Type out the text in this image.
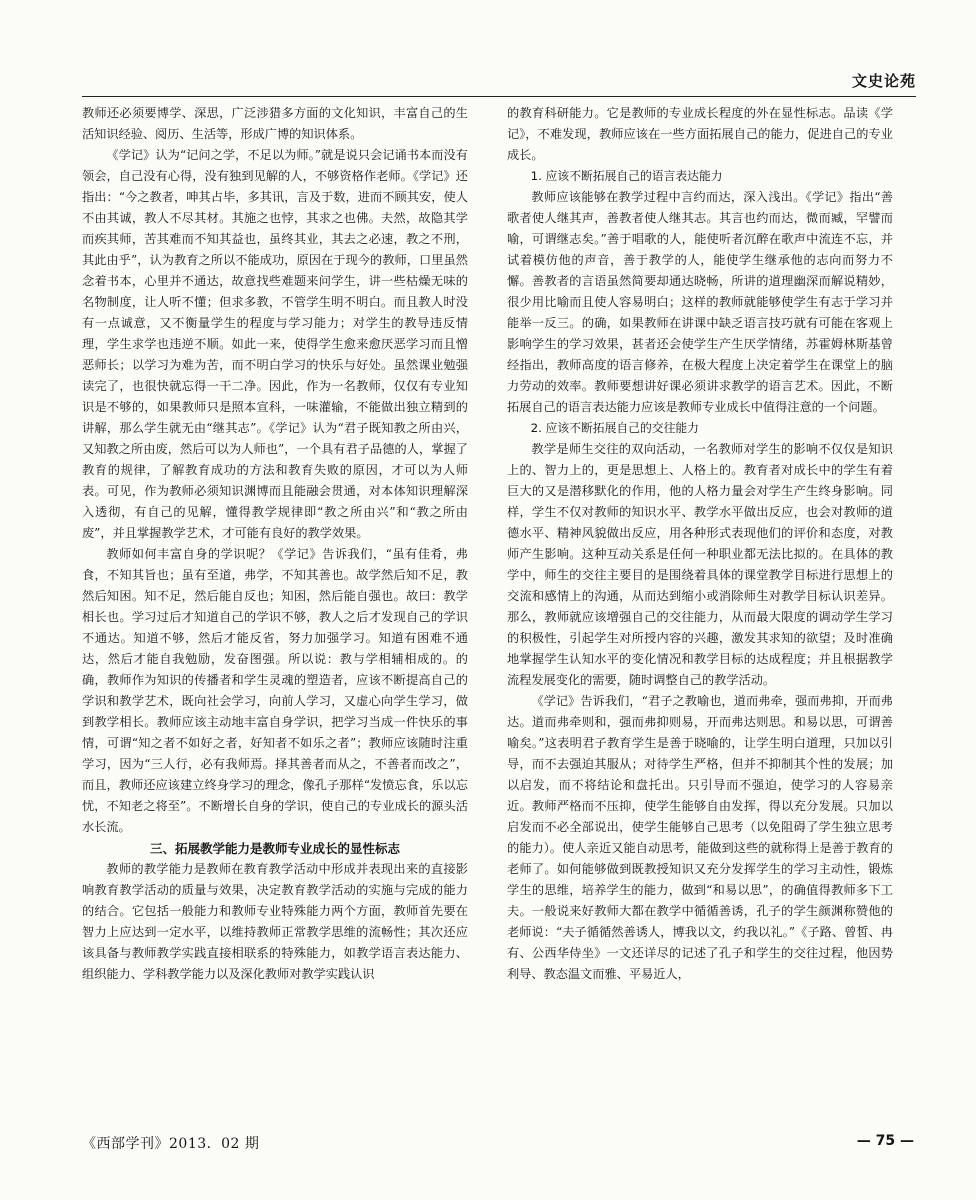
文史论苑

教师还必须要博学、深思，广泛涉猎多方面的文化知识，丰富自己的生活知识经验、阅历、生活等，形成广博的知识体系。

《学记》认为“记问之学，不足以为师。”就是说只会记诵书本而没有领会，自己没有心得，没有独到见解的人，不够资格作老师。《学记》还指出：“今之教者，呻其占毕，多其讯，言及于数，进而不顾其安，使人不由其诚，教人不尽其材。其施之也悖，其求之也佛。夫然，故隐其学而疾其师，苦其难而不知其益也，虽终其业，其去之必速，教之不刑，其此由乎”，认为教育之所以不能成功，原因在于现今的教师，口里虽然念着书本，心里并不通达，故意找些难题来问学生，讲一些枯燥无味的名物制度，让人听不懂；但求多教，不管学生明不明白。而且教人时没有一点诚意，又不衡量学生的程度与学习能力；对学生的教导违反情理，学生求学也违逆不顺。如此一来，使得学生愈来愈厌恶学习而且憎恶师长；以学习为难为苦，而不明白学习的快乐与好处。虽然课业勉强读完了，也很快就忘得一干二净。因此，作为一名教师，仅仅有专业知识是不够的，如果教师只是照本宣科，一味灌输，不能做出独立精到的讲解，那么学生就无由“继其志”。《学记》认为“君子既知教之所由兴，又知教之所由废，然后可以为人师也”，一个具有君子品德的人，掌握了教育的规律，了解教育成功的方法和教育失败的原因，才可以为人师表。可见，作为教师必须知识渊博而且能融会贯通，对本体知识理解深入透彻，有自己的见解，懂得教学规律即“教之所由兴”和“教之所由废”，并且掌握教学艺术，才可能有良好的教学效果。

教师如何丰富自身的学识呢？《学记》告诉我们，“虽有佳肴，弗食，不知其旨也；虽有至道，弗学，不知其善也。故学然后知不足，教然后知困。知不足，然后能自反也；知困，然后能自强也。故曰：教学相长也。学习过后才知道自己的学识不够，教人之后才发现自己的学识不通达。知道不够，然后才能反省，努力加强学习。知道有困难不通达，然后才能自我勉励，发奋图强。所以说：教与学相辅相成的。的确，教师作为知识的传播者和学生灵魂的塑造者，应该不断提高自己的学识和教学艺术，既向社会学习，向前人学习，又虚心向学生学习，做到教学相长。教师应该主动地丰富自身学识，把学习当成一件快乐的事情，可谓“知之者不如好之者，好知者不如乐之者”；教师应该随时注重学习，因为“三人行，必有我师焉。择其善者而从之，不善者而改之”，而且，教师还应该建立终身学习的理念，像孔子那样“发愤忘食，乐以忘忧，不知老之将至”。不断增长自身的学识，使自己的专业成长的源头活水长流。

三、拓展教学能力是教师专业成长的显性标志

教师的教学能力是教师在教育教学活动中形成并表现出来的直接影响教育教学活动的质量与效果，决定教育教学活动的实施与完成的能力的结合。它包括一般能力和教师专业特殊能力两个方面，教师首先要在智力上应达到一定水平，以维持教师正常教学思维的流畅性；其次还应该具备与教师教学实践直接相联系的特殊能力，如教学语言表达能力、组织能力、学科教学能力以及深化教师对教学实践认识

的教育科研能力。它是教师的专业成长程度的外在显性标志。品读《学记》，不难发现，教师应该在一些方面拓展自己的能力，促进自己的专业成长。

1. 应该不断拓展自己的语言表达能力

教师应该能够在教学过程中言约而达，深入浅出。《学记》指出“善歌者使人继其声，善教者使人继其志。其言也约而达，微而臧，罕譬而喻，可谓继志矣。”善于唱歌的人，能使听者沉醉在歌声中流连不忘，并试着模仿他的声音，善于教学的人，能使学生继承他的志向而努力不懈。善教者的言语虽然简要却通达晓畅，所讲的道理幽深而解说精妙，很少用比喻而且使人容易明白；这样的教师就能够使学生有志于学习并能举一反三。的确，如果教师在讲课中缺乏语言技巧就有可能在客观上影响学生的学习效果，甚者还会使学生产生厌学情绪，苏霍姆林斯基曾经指出，教师高度的语言修养，在极大程度上决定着学生在课堂上的脑力劳动的效率。教师要想讲好课必须讲求教学的语言艺术。因此，不断拓展自己的语言表达能力应该是教师专业成长中值得注意的一个问题。

2. 应该不断拓展自己的交往能力

教学是师生交往的双向活动，一名教师对学生的影响不仅仅是知识上的、智力上的，更是思想上、人格上的。教育者对成长中的学生有着巨大的又是潜移默化的作用，他的人格力量会对学生产生终身影响。同样，学生不仅对教师的知识水平、教学水平做出反应，也会对教师的道德水平、精神风貌做出反应，用各种形式表现他们的评价和态度，对教师产生影响。这种互动关系是任何一种职业都无法比拟的。在具体的教学中，师生的交往主要目的是围绕着具体的课堂教学目标进行思想上的交流和感情上的沟通，从而达到缩小或消除师生对教学目标认识差异。那么，教师就应该增强自己的交往能力，从而最大限度的调动学生学习的积极性，引起学生对所授内容的兴趣，激发其求知的欲望；及时准确地掌握学生认知水平的变化情况和教学目标的达成程度；并且根据教学流程发展变化的需要，随时调整自己的教学活动。

《学记》告诉我们，“君子之教喻也，道而弗牵，强而弗抑，开而弗达。道而弗牵则和，强而弗抑则易，开而弗达则思。和易以思，可谓善喻矣。”这表明君子教育学生是善于晓喻的，让学生明白道理，只加以引导，而不去强迫其服从；对待学生严格，但并不抑制其个性的发展；加以启发，而不将结论和盘托出。只引导而不强迫，使学习的人容易亲近。教师严格而不压抑，使学生能够自由发挥，得以充分发展。只加以启发而不必全部说出，使学生能够自己思考（以免阻碍了学生独立思考的能力）。使人亲近又能自动思考，能做到这些的就称得上是善于教育的老师了。如何能够做到既教授知识又充分发挥学生的学习主动性，锻炼学生的思维，培养学生的能力，做到“和易以思”，的确值得教师多下工夫。一般说来好教师大都在教学中循循善诱，孔子的学生颜渊称赞他的老师说：“夫子循循然善诱人，博我以文，约我以礼。”《子路、曾皙、冉有、公西华侍坐》一文还详尽的记述了孔子和学生的交往过程，他因势利导、教态温文而雅、平易近人，

《西部学刊》2013．02 期	— 75 —
